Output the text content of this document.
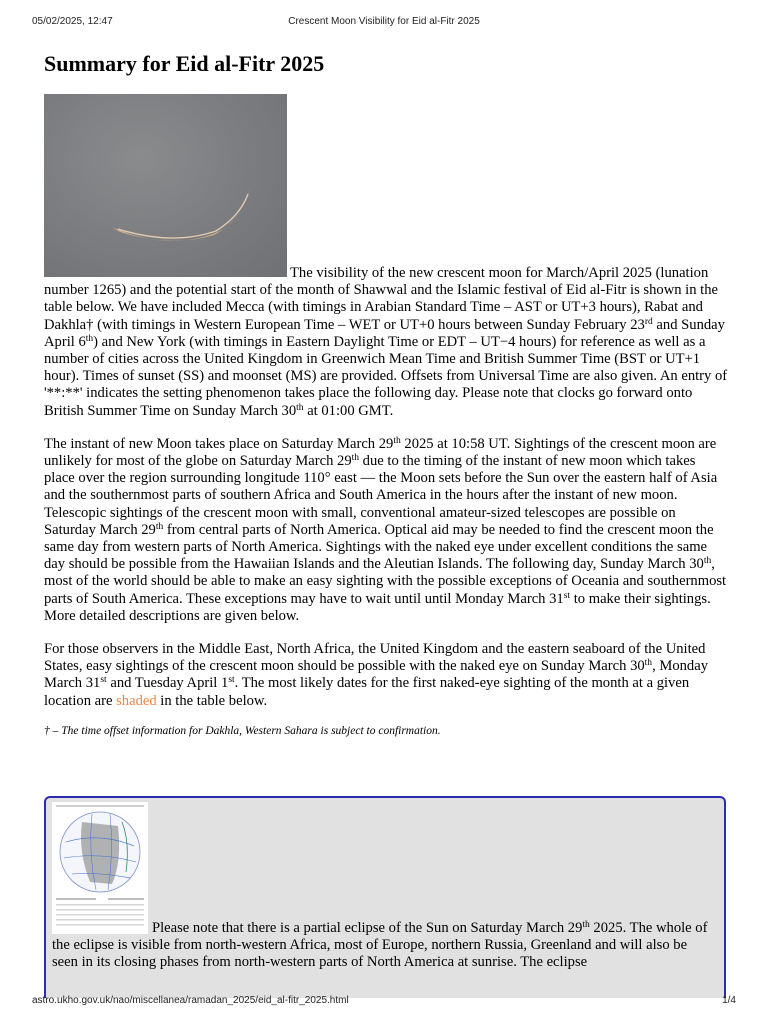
05/02/2025, 12:47	Crescent Moon Visibility for Eid al-Fitr 2025
Summary for Eid al-Fitr 2025

The visibility of the new crescent moon for March/April 2025 (lunation number 1265) and the potential start of the month of Shawwal and the Islamic festival of Eid al-Fitr is shown in the table below. We have included Mecca (with timings in Arabian Standard Time – AST or UT+3 hours), Rabat and Dakhla† (with timings in Western European Time – WET or UT+0 hours between Sunday February 23rd and Sunday April 6th) and New York (with timings in Eastern Daylight Time or EDT – UT−4 hours) for reference as well as a number of cities across the United Kingdom in Greenwich Mean Time and British Summer Time (BST or UT+1 hour). Times of sunset (SS) and moonset (MS) are provided. Offsets from Universal Time are also given. An entry of '**:**' indicates the setting phenomenon takes place the following day. Please note that clocks go forward onto British Summer Time on Sunday March 30th at 01:00 GMT.

The instant of new Moon takes place on Saturday March 29th 2025 at 10:58 UT. Sightings of the crescent moon are unlikely for most of the globe on Saturday March 29th due to the timing of the instant of new moon which takes place over the region surrounding longitude 110° east — the Moon sets before the Sun over the eastern half of Asia and the southernmost parts of southern Africa and South America in the hours after the instant of new moon. Telescopic sightings of the crescent moon with small, conventional amateur-sized telescopes are possible on Saturday March 29th from central parts of North America. Optical aid may be needed to find the crescent moon the same day from western parts of North America. Sightings with the naked eye under excellent conditions the same day should be possible from the Hawaiian Islands and the Aleutian Islands. The following day, Sunday March 30th, most of the world should be able to make an easy sighting with the possible exceptions of Oceania and southernmost parts of South America. These exceptions may have to wait until until Monday March 31st to make their sightings. More detailed descriptions are given below.

For those observers in the Middle East, North Africa, the United Kingdom and the eastern seaboard of the United States, easy sightings of the crescent moon should be possible with the naked eye on Sunday March 30th, Monday March 31st and Tuesday April 1st. The most likely dates for the first naked-eye sighting of the month at a given location are shaded in the table below.

† – The time offset information for Dakhla, Western Sahara is subject to confirmation.
Please note that there is a partial eclipse of the Sun on Saturday March 29th 2025. The whole of the eclipse is visible from north-western Africa, most of Europe, northern Russia, Greenland and will also be seen in its closing phases from north-western parts of North America at sunrise. The eclipse
astro.ukho.gov.uk/nao/miscellanea/ramadan_2025/eid_al-fitr_2025.html	1/4
